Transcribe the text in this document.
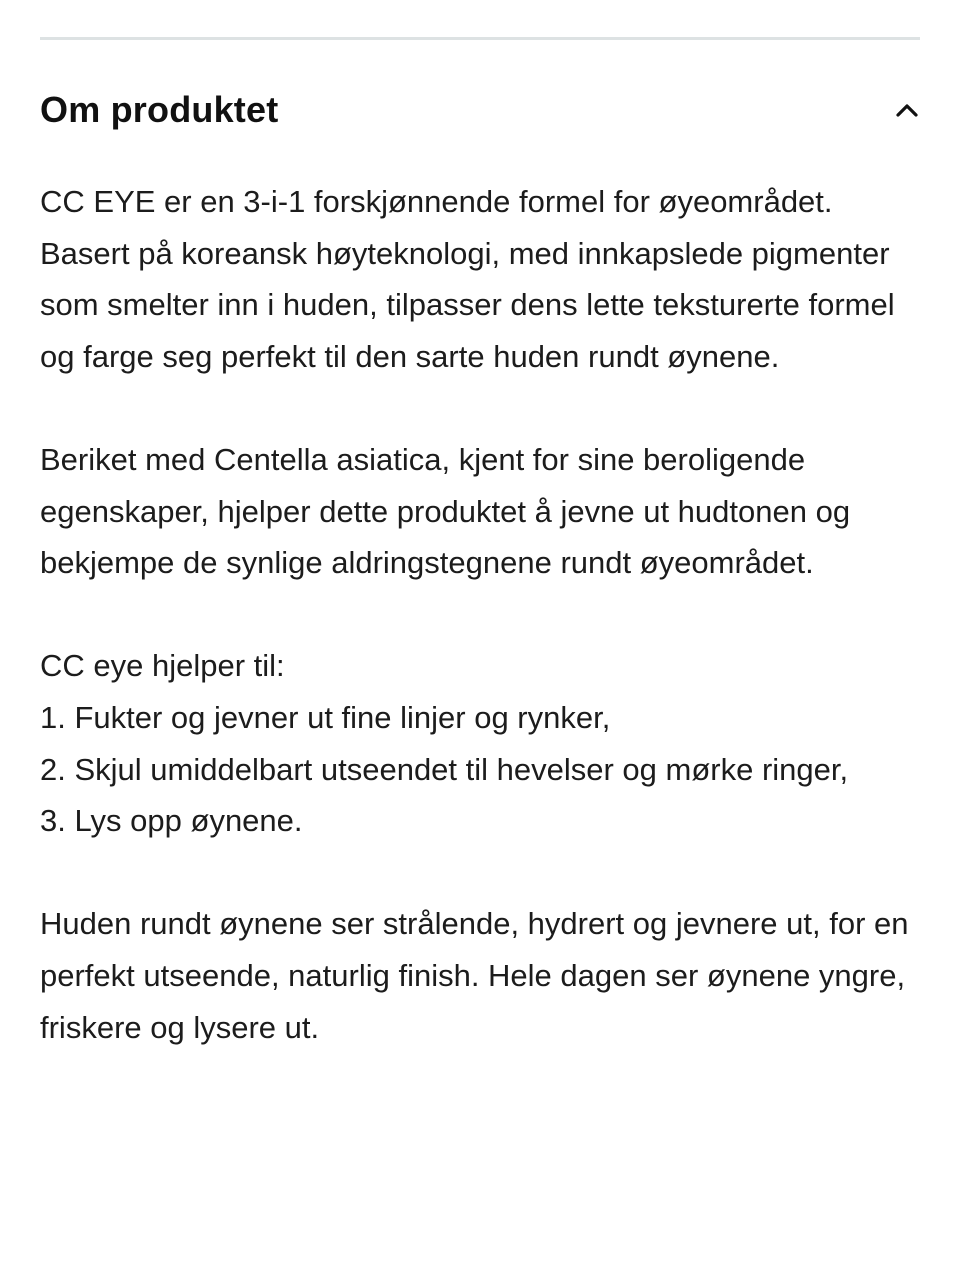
Om produktet

CC EYE er en 3-i-1 forskjønnende formel for øyeområdet. Basert på koreansk høyteknologi, med innkapslede pigmenter som smelter inn i huden, tilpasser dens lette teksturerte formel og farge seg perfekt til den sarte huden rundt øynene.

Beriket med Centella asiatica, kjent for sine beroligende egenskaper, hjelper dette produktet å jevne ut hudtonen og bekjempe de synlige aldringstegnene rundt øyeområdet.

CC eye hjelper til:
1. Fukter og jevner ut fine linjer og rynker,
2. Skjul umiddelbart utseendet til hevelser og mørke ringer,
3. Lys opp øynene.

Huden rundt øynene ser strålende, hydrert og jevnere ut, for en perfekt utseende, naturlig finish. Hele dagen ser øynene yngre, friskere og lysere ut.
